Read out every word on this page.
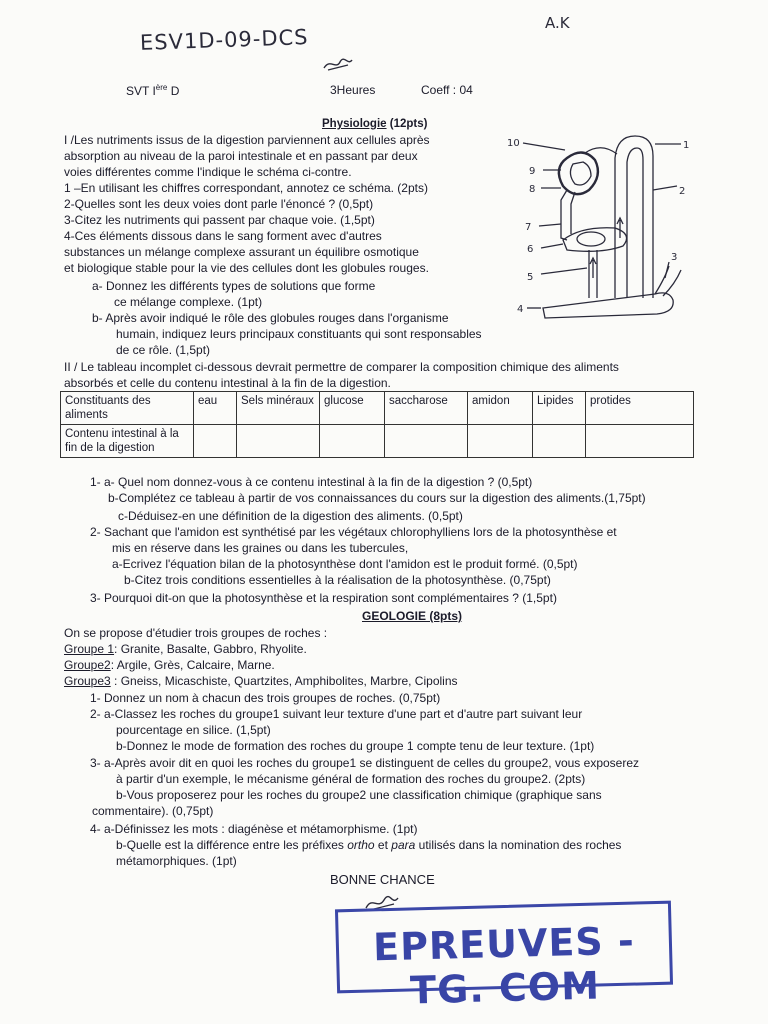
ESV1D-09-DCS
A.K
SVT Ière D	3Heures	Coeff : 04
Physiologie (12pts)
I /Les nutriments issus de la digestion parviennent aux cellules après
absorption au niveau de la paroi intestinale et en passant par deux
voies différentes comme l'indique le schéma ci-contre.
1 –En utilisant les chiffres correspondant, annotez ce schéma. (2pts)
2-Quelles sont les deux voies dont parle l'énoncé ? (0,5pt)
3-Citez les nutriments qui passent par chaque voie. (1,5pt)
4-Ces éléments dissous dans le sang forment avec d'autres
substances un mélange complexe assurant un équilibre osmotique
et biologique stable pour la vie des cellules dont les globules rouges.
a- Donnez les différents types de solutions que forme
ce mélange complexe. (1pt)
b- Après avoir indiqué le rôle des globules rouges dans l'organisme
humain, indiquez leurs principaux constituants qui sont responsables
de ce rôle. (1,5pt)
10	1
9
8	2
7
6
5
3
4
II / Le tableau incomplet ci-dessous devrait permettre de comparer la composition chimique des aliments
absorbés et celle du contenu intestinal à la fin de la digestion.
Constituants des aliments	eau	Sels minéraux	glucose	saccharose	amidon	Lipides	protides
Contenu intestinal à la fin de la digestion							
1- a- Quel nom donnez-vous à ce contenu intestinal à la fin de la digestion ? (0,5pt)
b-Complétez ce tableau à partir de vos connaissances du cours sur la digestion des aliments.(1,75pt)
c-Déduisez-en une définition de la digestion des aliments. (0,5pt)
2- Sachant que l'amidon est synthétisé par les végétaux chlorophylliens lors de la photosynthèse et
mis en réserve dans les graines ou dans les tubercules,
a-Ecrivez l'équation bilan de la photosynthèse dont l'amidon est le produit formé. (0,5pt)
b-Citez trois conditions essentielles à la réalisation de la photosynthèse. (0,75pt)
3- Pourquoi dit-on que la photosynthèse et la respiration sont complémentaires ? (1,5pt)
GEOLOGIE (8pts)
On se propose d'étudier trois groupes de roches :
Groupe 1: Granite, Basalte, Gabbro, Rhyolite.
Groupe2: Argile, Grès, Calcaire, Marne.
Groupe3 : Gneiss, Micaschiste, Quartzites, Amphibolites, Marbre, Cipolins
1- Donnez un nom à chacun des trois groupes de roches. (0,75pt)
2- a-Classez les roches du groupe1 suivant leur texture d'une part et d'autre part suivant leur
pourcentage en silice. (1,5pt)
b-Donnez le mode de formation des roches du groupe 1 compte tenu de leur texture. (1pt)
3- a-Après avoir dit en quoi les roches du groupe1 se distinguent de celles du groupe2, vous exposerez
à partir d'un exemple, le mécanisme général de formation des roches du groupe2. (2pts)
b-Vous proposerez pour les roches du groupe2 une classification chimique (graphique sans
commentaire). (0,75pt)
4- a-Définissez les mots : diagénèse et métamorphisme. (1pt)
b-Quelle est la différence entre les préfixes ortho et para utilisés dans la nomination des roches
métamorphiques. (1pt)
BONNE CHANCE
EPREUVES - TG. COM
